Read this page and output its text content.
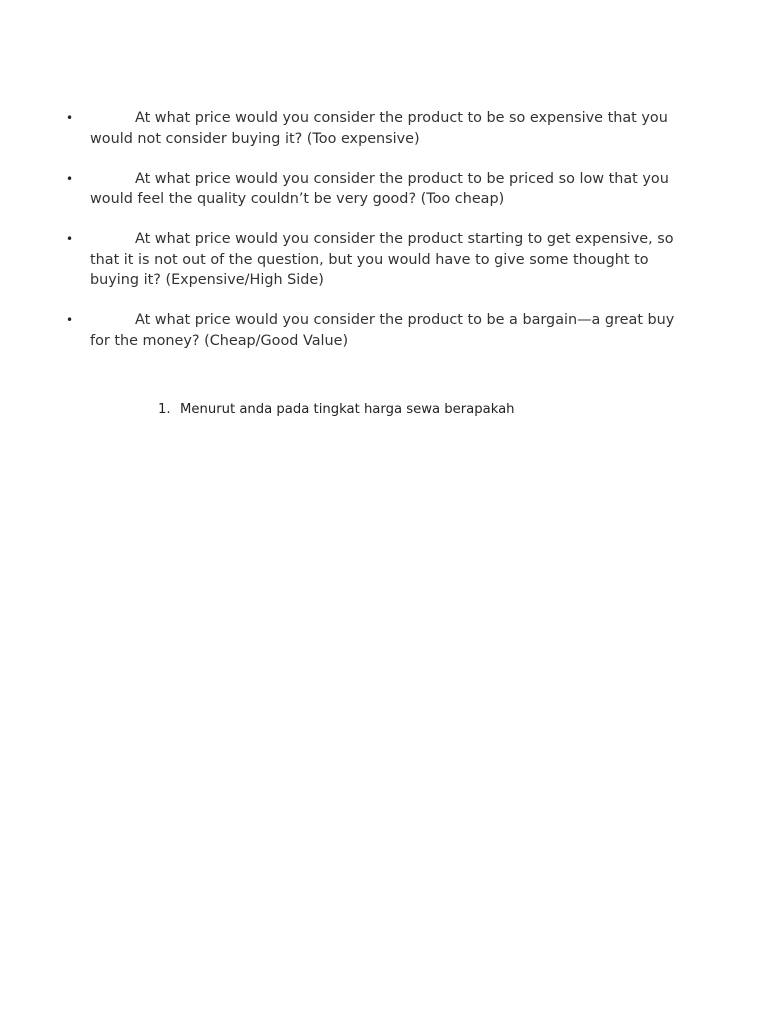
•	At what price would you consider the product to be so expensive that you would not consider buying it? (Too expensive)
•	At what price would you consider the product to be priced so low that you would feel the quality couldn’t be very good? (Too cheap)
•	At what price would you consider the product starting to get expensive, so that it is not out of the question, but you would have to give some thought to buying it? (Expensive/High Side)
•	At what price would you consider the product to be a bargain—a great buy for the money? (Cheap/Good Value)
1. Menurut anda pada tingkat harga sewa berapakah
